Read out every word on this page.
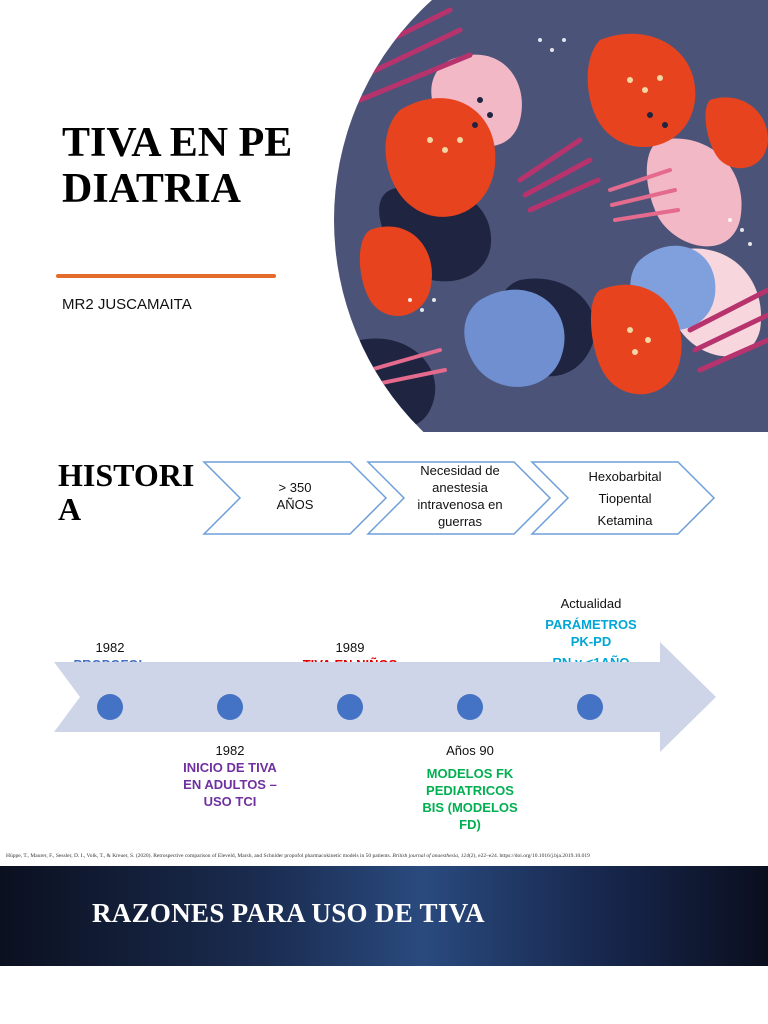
TIVA EN PEDIATRIA
MR2 JUSCAMAITA
HISTORIA
> 350
AÑOS
Necesidad de
anestesia
intravenosa en
guerras
Hexobarbital
Tiopental
Ketamina
1982	1989
Actualidad
PARÁMETROS
PK-PD
1982
INICIO DE TIVA
EN ADULTOS –
USO TCI
Años 90
MODELOS FK
PEDIATRICOS
BIS (MODELOS
FD)
Hüppe, T., Maurer, F., Sessler, D. I., Volk, T., & Kreuer, S. (2020). Retrospective comparison of Eleveld, Marsh, and Schnider propofol pharmacokinetic models in 50 patients. British journal of anaesthesia, 124(2), e22–e24. https://doi.org/10.1016/j.bja.2019.10.019
RAZONES PARA USO DE TIVA
